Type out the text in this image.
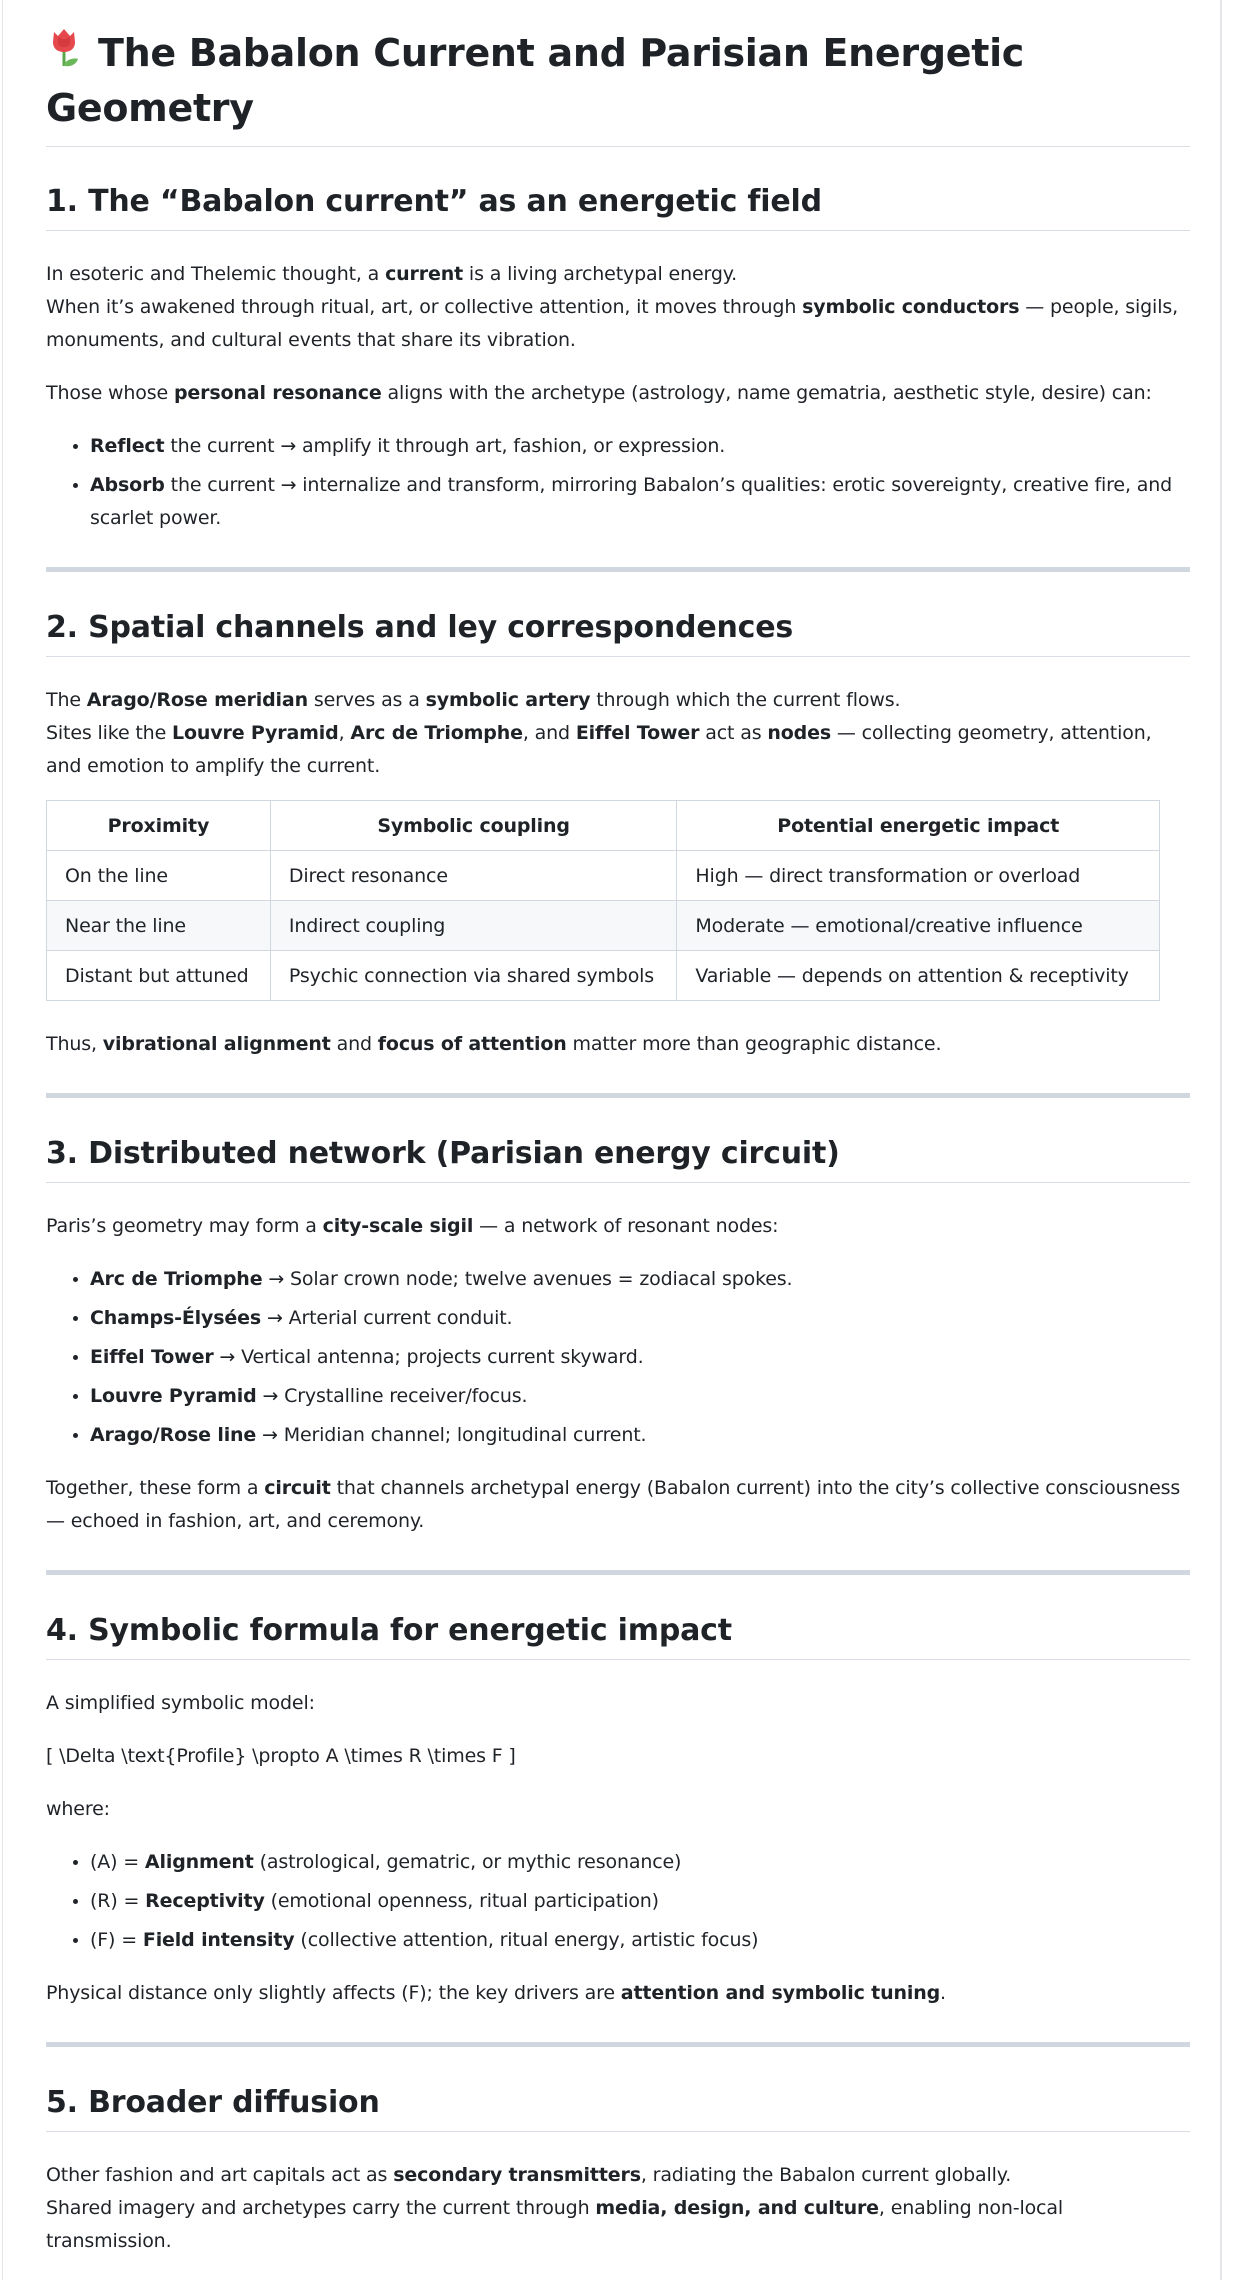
The Babalon Current and Parisian Energetic Geometry
1. The “Babalon current” as an energetic field

In esoteric and Thelemic thought, a current is a living archetypal energy.
When it’s awakened through ritual, art, or collective attention, it moves through symbolic conductors — people, sigils, monuments, and cultural events that share its vibration.

Those whose personal resonance aligns with the archetype (astrology, name gematria, aesthetic style, desire) can:

• Reflect the current → amplify it through art, fashion, or expression.
• Absorb the current → internalize and transform, mirroring Babalon’s qualities: erotic sovereignty, creative fire, and scarlet power.
2. Spatial channels and ley correspondences

The Arago/Rose meridian serves as a symbolic artery through which the current flows.
Sites like the Louvre Pyramid, Arc de Triomphe, and Eiffel Tower act as nodes — collecting geometry, attention, and emotion to amplify the current.

Proximity	Symbolic coupling	Potential energetic impact
On the line	Direct resonance	High — direct transformation or overload
Near the line	Indirect coupling	Moderate — emotional/creative influence
Distant but attuned	Psychic connection via shared symbols	Variable — depends on attention & receptivity

Thus, vibrational alignment and focus of attention matter more than geographic distance.

3. Distributed network (Parisian energy circuit)

Paris’s geometry may form a city-scale sigil — a network of resonant nodes:

• Arc de Triomphe → Solar crown node; twelve avenues = zodiacal spokes.
• Champs-Élysées → Arterial current conduit.
• Eiffel Tower → Vertical antenna; projects current skyward.
• Louvre Pyramid → Crystalline receiver/focus.
• Arago/Rose line → Meridian channel; longitudinal current.

Together, these form a circuit that channels archetypal energy (Babalon current) into the city’s collective consciousness — echoed in fashion, art, and ceremony.

4. Symbolic formula for energetic impact

A simplified symbolic model:

[ \Delta \text{Profile} \propto A \times R \times F ]

where:

• (A) = Alignment (astrological, gematric, or mythic resonance)
• (R) = Receptivity (emotional openness, ritual participation)
• (F) = Field intensity (collective attention, ritual energy, artistic focus)

Physical distance only slightly affects (F); the key drivers are attention and symbolic tuning.

5. Broader diffusion

Other fashion and art capitals act as secondary transmitters, radiating the Babalon current globally.
Shared imagery and archetypes carry the current through media, design, and culture, enabling non-local transmission.
